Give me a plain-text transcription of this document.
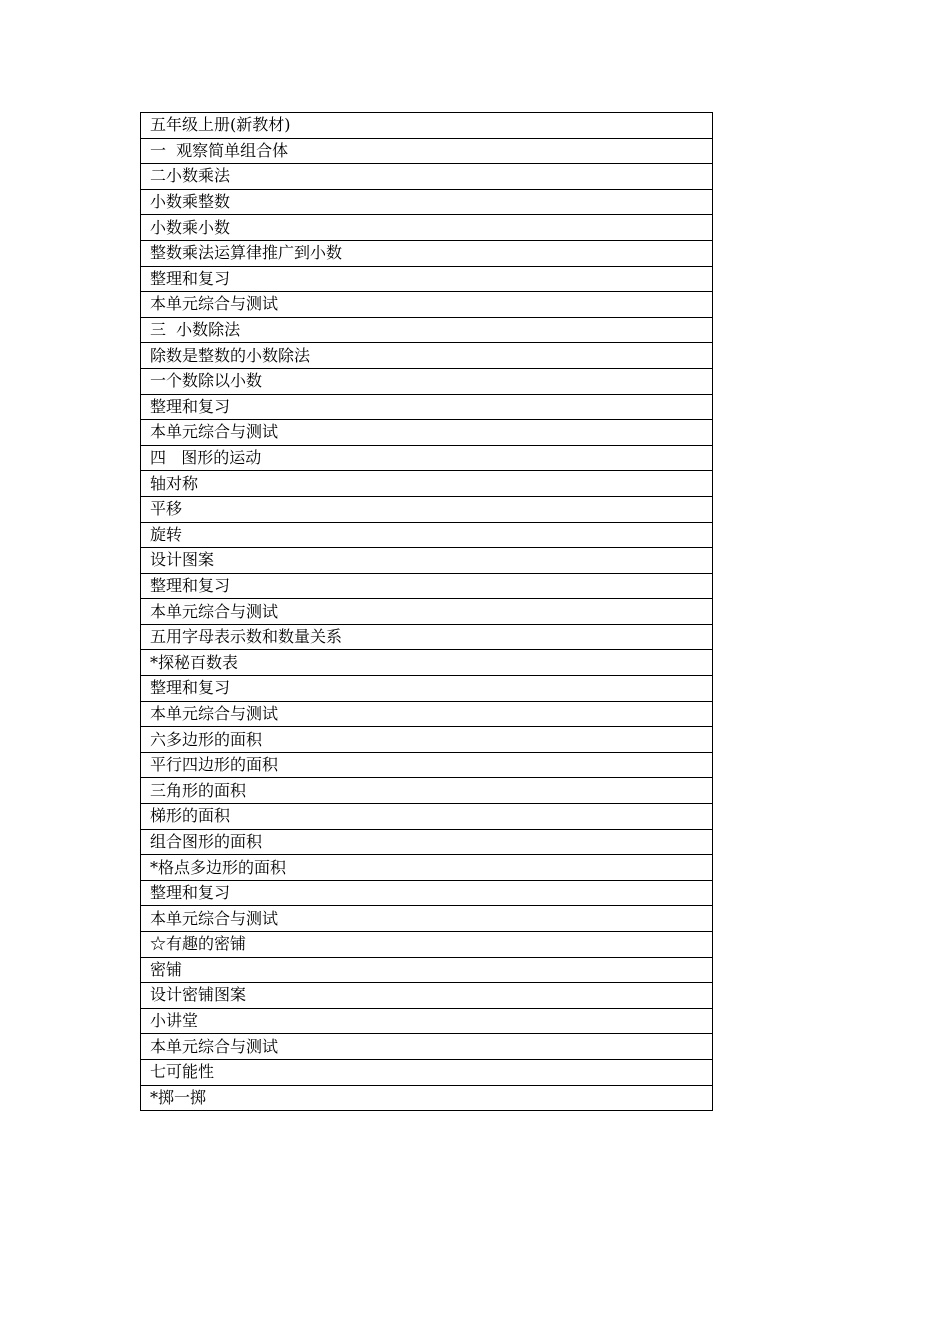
五年级上册(新教材)
一  观察简单组合体
二小数乘法
小数乘整数
小数乘小数
整数乘法运算律推广到小数
整理和复习
本单元综合与测试
三  小数除法
除数是整数的小数除法
一个数除以小数
整理和复习
本单元综合与测试
四   图形的运动
轴对称
平移
旋转
设计图案
整理和复习
本单元综合与测试
五用字母表示数和数量关系
*探秘百数表
整理和复习
本单元综合与测试
六多边形的面积
平行四边形的面积
三角形的面积
梯形的面积
组合图形的面积
*格点多边形的面积
整理和复习
本单元综合与测试
☆有趣的密铺
密铺
设计密铺图案
小讲堂
本单元综合与测试
七可能性
*掷一掷
